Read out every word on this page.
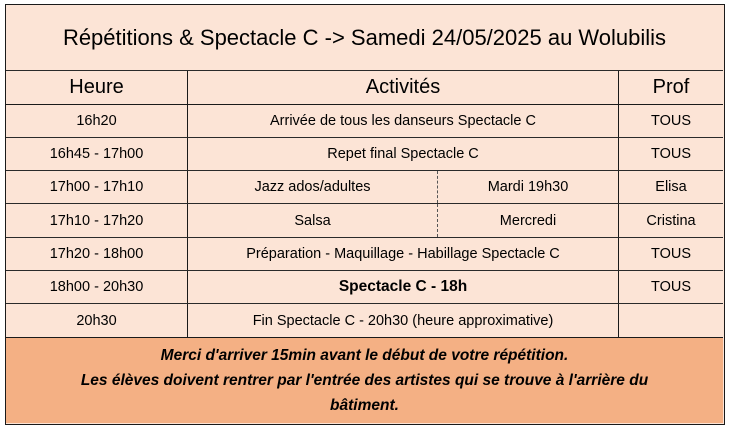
Répétitions & Spectacle C -> Samedi 24/05/2025 au Wolubilis
Heure	Activités	Prof
16h20	Arrivée de tous les danseurs Spectacle C	TOUS
16h45 - 17h00	Repet final Spectacle C	TOUS
17h00 - 17h10	Jazz ados/adultes	Mardi 19h30	Elisa
17h10 - 17h20	Salsa	Mercredi	Cristina
17h20 - 18h00	Préparation - Maquillage - Habillage Spectacle C	TOUS
18h00 - 20h30	Spectacle C - 18h	TOUS
20h30	Fin Spectacle C - 20h30 (heure approximative)
Merci d'arriver 15min avant le début de votre répétition.
Les élèves doivent rentrer par l'entrée des artistes qui se trouve à l'arrière du
bâtiment.
